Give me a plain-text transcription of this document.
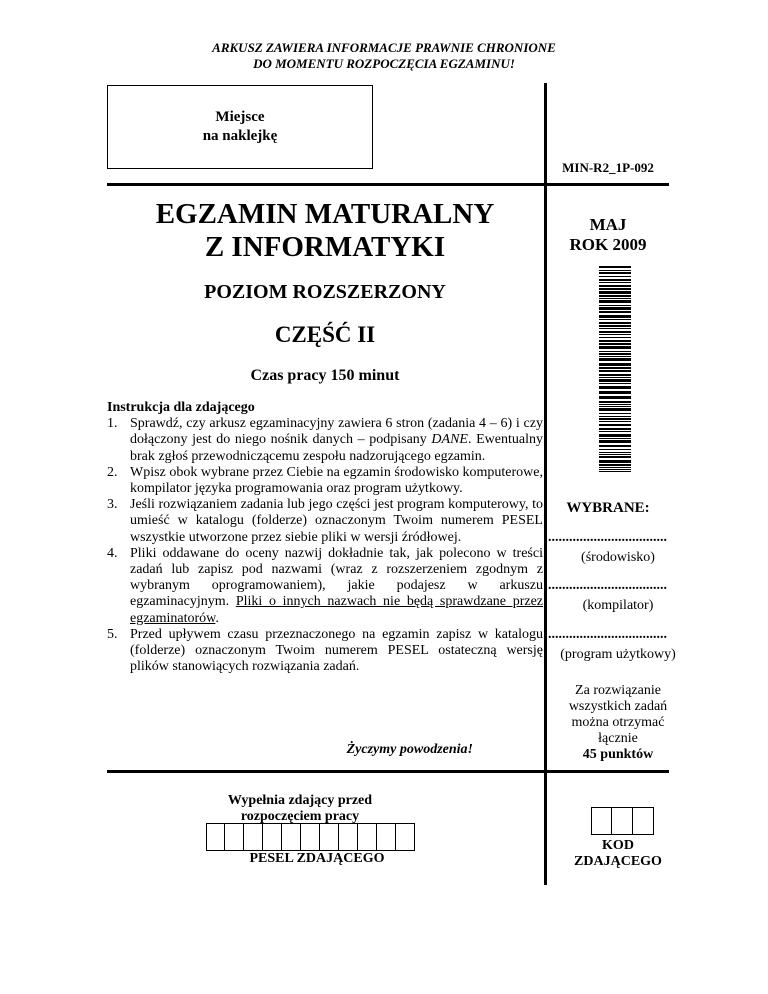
ARKUSZ ZAWIERA INFORMACJE PRAWNIE CHRONIONE
DO MOMENTU ROZPOCZĘCIA EGZAMINU!
Miejsce
na naklejkę
MIN-R2_1P-092
EGZAMIN MATURALNY
Z INFORMATYKI
MAJ
ROK 2009
POZIOM ROZSZERZONY
CZĘŚĆ II
Czas pracy 150 minut
Instrukcja dla zdającego
1. Sprawdź, czy arkusz egzaminacyjny zawiera 6 stron (zadania 4 – 6) i czy dołączony jest do niego nośnik danych – podpisany DANE. Ewentualny brak zgłoś przewodniczącemu zespołu nadzorującego egzamin.
2. Wpisz obok wybrane przez Ciebie na egzamin środowisko komputerowe, kompilator języka programowania oraz program użytkowy.
3. Jeśli rozwiązaniem zadania lub jego części jest program komputerowy, to umieść w katalogu (folderze) oznaczonym Twoim numerem PESEL wszystkie utworzone przez siebie pliki w wersji źródłowej.
4. Pliki oddawane do oceny nazwij dokładnie tak, jak polecono w treści zadań lub zapisz pod nazwami (wraz z rozszerzeniem zgodnym z wybranym oprogramowaniem), jakie podajesz w arkuszu egzaminacyjnym. Pliki o innych nazwach nie będą sprawdzane przez egzaminatorów.
5. Przed upływem czasu przeznaczonego na egzamin zapisz w katalogu (folderze) oznaczonym Twoim numerem PESEL ostateczną wersję plików stanowiących rozwiązania zadań.
Życzymy powodzenia!
WYBRANE:
..................................
(środowisko)
..................................
(kompilator)
..................................
(program użytkowy)
Za rozwiązanie
wszystkich zadań
można otrzymać
łącznie
45 punktów
Wypełnia zdający przed
rozpoczęciem pracy
PESEL ZDAJĄCEGO
KOD
ZDAJĄCEGO
